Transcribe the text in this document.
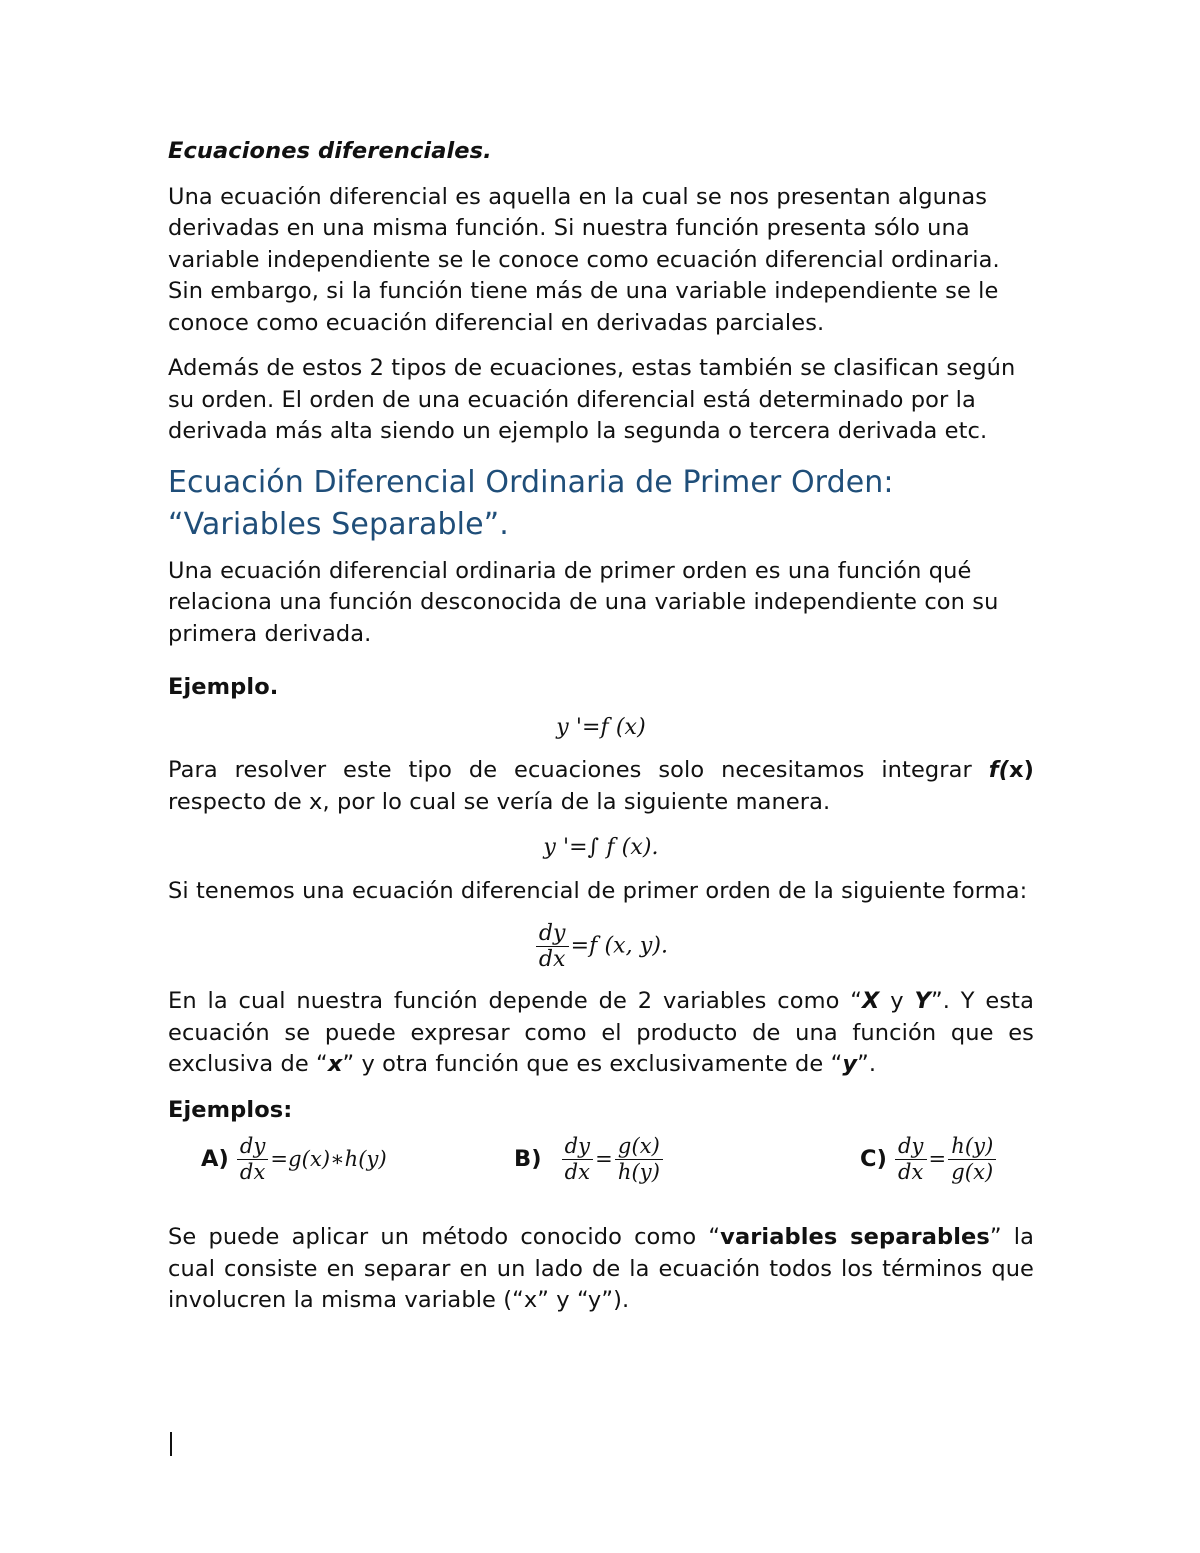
Ecuaciones diferenciales.

Una ecuación diferencial es aquella en la cual se nos presentan algunas derivadas en una misma función. Si nuestra función presenta sólo una variable independiente se le conoce como ecuación diferencial ordinaria. Sin embargo, si la función tiene más de una variable independiente se le conoce como ecuación diferencial en derivadas parciales.

Además de estos 2 tipos de ecuaciones, estas también se clasifican según su orden. El orden de una ecuación diferencial está determinado por la derivada más alta siendo un ejemplo la segunda o tercera derivada etc.

Ecuación Diferencial Ordinaria de Primer Orden: “Variables Separable”.

Una ecuación diferencial ordinaria de primer orden es una función qué relaciona una función desconocida de una variable independiente con su primera derivada.

Ejemplo.

y '=f (x)

Para resolver este tipo de ecuaciones solo necesitamos integrar f(x) respecto de x, por lo cual se vería de la siguiente manera.

y '=∫ f (x).

Si tenemos una ecuación diferencial de primer orden de la siguiente forma:

$\frac{dy}{dx} =f$ (x, y).

En la cual nuestra función depende de 2 variables como “X y Y”. Y esta ecuación se puede expresar como el producto de una función que es exclusiva de “x” y otra función que es exclusivamente de “y”.

Ejemplos:

$A) \frac{dy}{dx}$ =g(x)∗h(y)	$B) \frac{dy}{dx} = \frac{g(x)}{h(y)}$	$C) \frac{dy}{dx} = \frac{h(y)}{g(x)}$

Se puede aplicar un método conocido como “variables separables” la cual consiste en separar en un lado de la ecuación todos los términos que involucren la misma variable (“x” y “y”).
